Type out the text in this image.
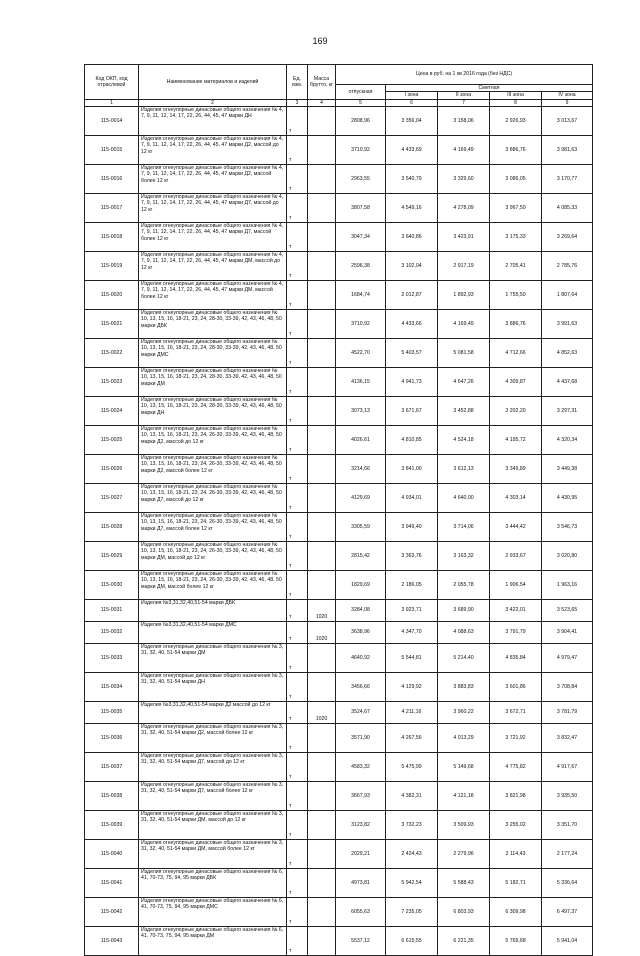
169
Код ОКП, код отраслевой	Наименование материалов и изделий	Ед. изм.	Масса брутто, кг	Цена в руб. на 1 кв 2016 года (без НДС)				
				отпускная	Сметная			
					I зона	II зона	III зона	IV зона
1	2	3	4	5	6	7	8	9
115-0014	Изделия огнеупорные динасовые общего назначения № 4, 7, 9, 11, 12, 14, 17, 22, 26, 44, 45, 47 марки ДН	т		2808,96	3 356,04	3 158,06	2 926,93	3 013,67
115-0015	Изделия огнеупорные динасовые общего назначения № 4, 7, 9, 11, 12, 14, 17, 22, 26, 44, 45, 47 марки Д2, массой до 12 кг	т		3710,92	4 433,69	4 169,49	3 886,76	3 981,63
115-0016	Изделия огнеупорные динасовые общего назначения № 4, 7, 9, 11, 12, 14, 17, 22, 26, 44, 45, 47 марки Д2, массой более 12 кг	т		2963,55	3 540,79	3 329,60	3 086,05	3 170,77
115-0017	Изделия огнеупорные динасовые общего назначения № 4, 7, 9, 11, 12, 14, 17, 22, 26, 44, 45, 47 марки Д7, массой до 12 кг	т		3807,58	4 549,16	4 278,09	3 967,50	4 085,33
115-0018	Изделия огнеупорные динасовые общего назначения № 4, 7, 9, 11, 12, 14, 17, 22, 26, 44, 45, 47 марки Д7, массой более 12 кг	т		3047,34	3 640,86	3 423,91	3 175,33	3 269,64
115-0019	Изделия огнеупорные динасовые общего назначения № 4, 7, 9, 11, 12, 14, 17, 22, 26, 44, 45, 47 марки ДМ, массой до 12 кг	т		2596,38	3 102,04	2 917,19	2 705,41	2 785,76
115-0020	Изделия огнеупорные динасовые общего назначения № 4, 7, 9, 11, 12, 14, 17, 22, 26, 44, 45, 47 марки ДМ, массой более 12 кг	т		1684,74	2 012,87	1 892,93	1 755,50	1 807,64
115-0021	Изделия огнеупорные динасовые общего назначения № 10, 13, 15, 16, 18-21, 23, 24, 28-30, 33-39, 42, 43, 46, 48, 50 марки ДБК	т		3710,92	4 433,66	4 169,49	3 886,76	3 991,63
115-0022	Изделия огнеупорные динасовые общего назначения № 10, 13, 15, 16, 18-21, 23, 24, 28-30, 33-39, 42, 43, 46, 48, 50 марки ДМС	т		4522,70	5 403,57	5 081,58	4 712,66	4 852,63
115-0023	Изделия огнеупорные динасовые общего назначения № 10, 13, 15, 16, 18-21, 23, 24, 28-30, 33-39, 42, 43, 46, 48, 50 марки ДМ	т		4136,15	4 941,73	4 647,26	4 309,87	4 437,68
115-0024	Изделия огнеупорные динасовые общего назначения № 10, 13, 15, 16, 18-21, 23, 24, 28-30, 33-39, 42, 43, 46, 48, 50 марки ДН	т		3073,13	3 671,67	3 452,88	3 202,20	3 297,31
115-0025	Изделия огнеупорные динасовые общего назначения № 10, 13, 15, 16, 18-21, 23, 24, 26-30, 33-39, 42, 43, 46, 48, 50 марки Д2, массой до 12 кг	т		4026,61	4 810,85	4 524,18	4 195,72	4 320,34
115-0026	Изделия огнеупорные динасовые общего назначения № 10, 13, 15, 16, 18-21, 23, 24, 26-30, 33-39, 42, 43, 46, 48, 50 марки Д2, массой более 12 кг	т		3214,66	3 841,00	3 612,13	3 349,89	3 449,38
115-0027	Изделия огнеупорные динасовые общего назначения № 10, 13, 15, 16, 18-21, 23, 24, 26-30, 33-39, 42, 43, 46, 48, 50 марки Д7, массой до 12 кг	т		4129,69	4 934,01	4 640,00	4 303,14	4 430,95
115-0028	Изделия огнеупорные динасовые общего назначения № 10, 13, 15, 16, 18-21, 23, 24, 26-30, 33-39, 42, 43, 46, 48, 50 марки Д7, массой более 12 кг	т		3305,59	3 949,40	3 714,06	3 444,42	3 546,73
115-0029	Изделия огнеупорные динасовые общего назначения № 10, 13, 15, 16, 18-21, 23, 24, 26-30, 33-39, 42, 43, 46, 48, 50 марки ДМ, массой до 12 кг	т		2815,42	3 363,76	3 163,32	2 933,67	3 020,80
115-0030	Изделия огнеупорные динасовые общего назначения № 10, 13, 15, 16, 18-21, 23, 24, 26-30, 33-39, 42, 43, 46, 48, 50 марки ДМ, массой более 12 кг	т		1829,69	2 186,05	2 055,78	1 906,54	1 963,16
115-0031	Изделия №3,31,32,40,51-54 марки ДБК	т	1020	3284,08	3 923,71	3 689,90	3 422,01	3 523,65
115-0032	Изделия №3,31,32,40,51-54 марки ДМС	т	1020	3638,96	4 347,70	4 088,63	3 791,79	3 904,41
115-0033	Изделия огнеупорные динасовые общего назначения № 3, 31, 32, 40, 51-54 марки ДМ	т		4640,92	5 544,81	5 214,40	4 835,84	4 979,47
115-0034	Изделия огнеупорные динасовые общего назначения № 3, 31, 32, 40, 51-54 марки ДН	т		3456,66	4 129,92	3 883,83	3 601,86	3 708,84
115-0035	Изделия №3,31,32,40,51-54 марки Д2 массой до 12 кг	т	1020	3524,67	4 211,16	3 960,22	3 672,71	3 781,79
115-0036	Изделия огнеупорные динасовые общего назначения № 3, 31, 32, 40, 51-54 марки Д2, массой более 12 кг	т		3571,90	4 267,56	4 013,29	3 721,92	3 832,47
115-0037	Изделия огнеупорные динасовые общего назначения № 3, 31, 32, 40, 51-54 марки Д7, массой до 12 кг	т		4583,32	5 475,99	5 149,68	4 775,82	4 917,67
115-0038	Изделия огнеупорные динасовые общего назначения № 3, 31, 32, 40, 51-54 марки Д7, массой более 12 кг	т		3667,93	4 382,31	4 121,18	3 821,98	3 935,50
115-0039	Изделия огнеупорные динасовые общего назначения № 3, 31, 32, 40, 51-54 марки ДМ, массой до 12 кг	т		3123,82	3 732,23	3 509,93	3 255,02	3 351,70
115-0040	Изделия огнеупорные динасовые общего назначения № 3, 31, 32, 40, 51-54 марки ДМ, массой более 12 кг	т		2029,21	2 424,43	2 279,96	2 114,43	2 177,24
115-0041	Изделия огнеупорные динасовые общего назначения № 6, 41, 70-73, 75, 94, 95 марки ДБК	т		4973,81	5 942,54	5 588,43	5 182,71	5 336,64
115-0042	Изделия огнеупорные динасовые общего назначения № 6, 41, 70-73, 75, 94, 95 марки ДМС	т		6055,63	7 235,05	6 803,93	6 309,98	6 497,37
115-0043	Изделия огнеупорные динасовые общего назначения № 6, 41, 70-73, 75, 94, 95 марки ДМ	т		5537,12	6 615,55	6 221,35	5 769,68	5 941,04
